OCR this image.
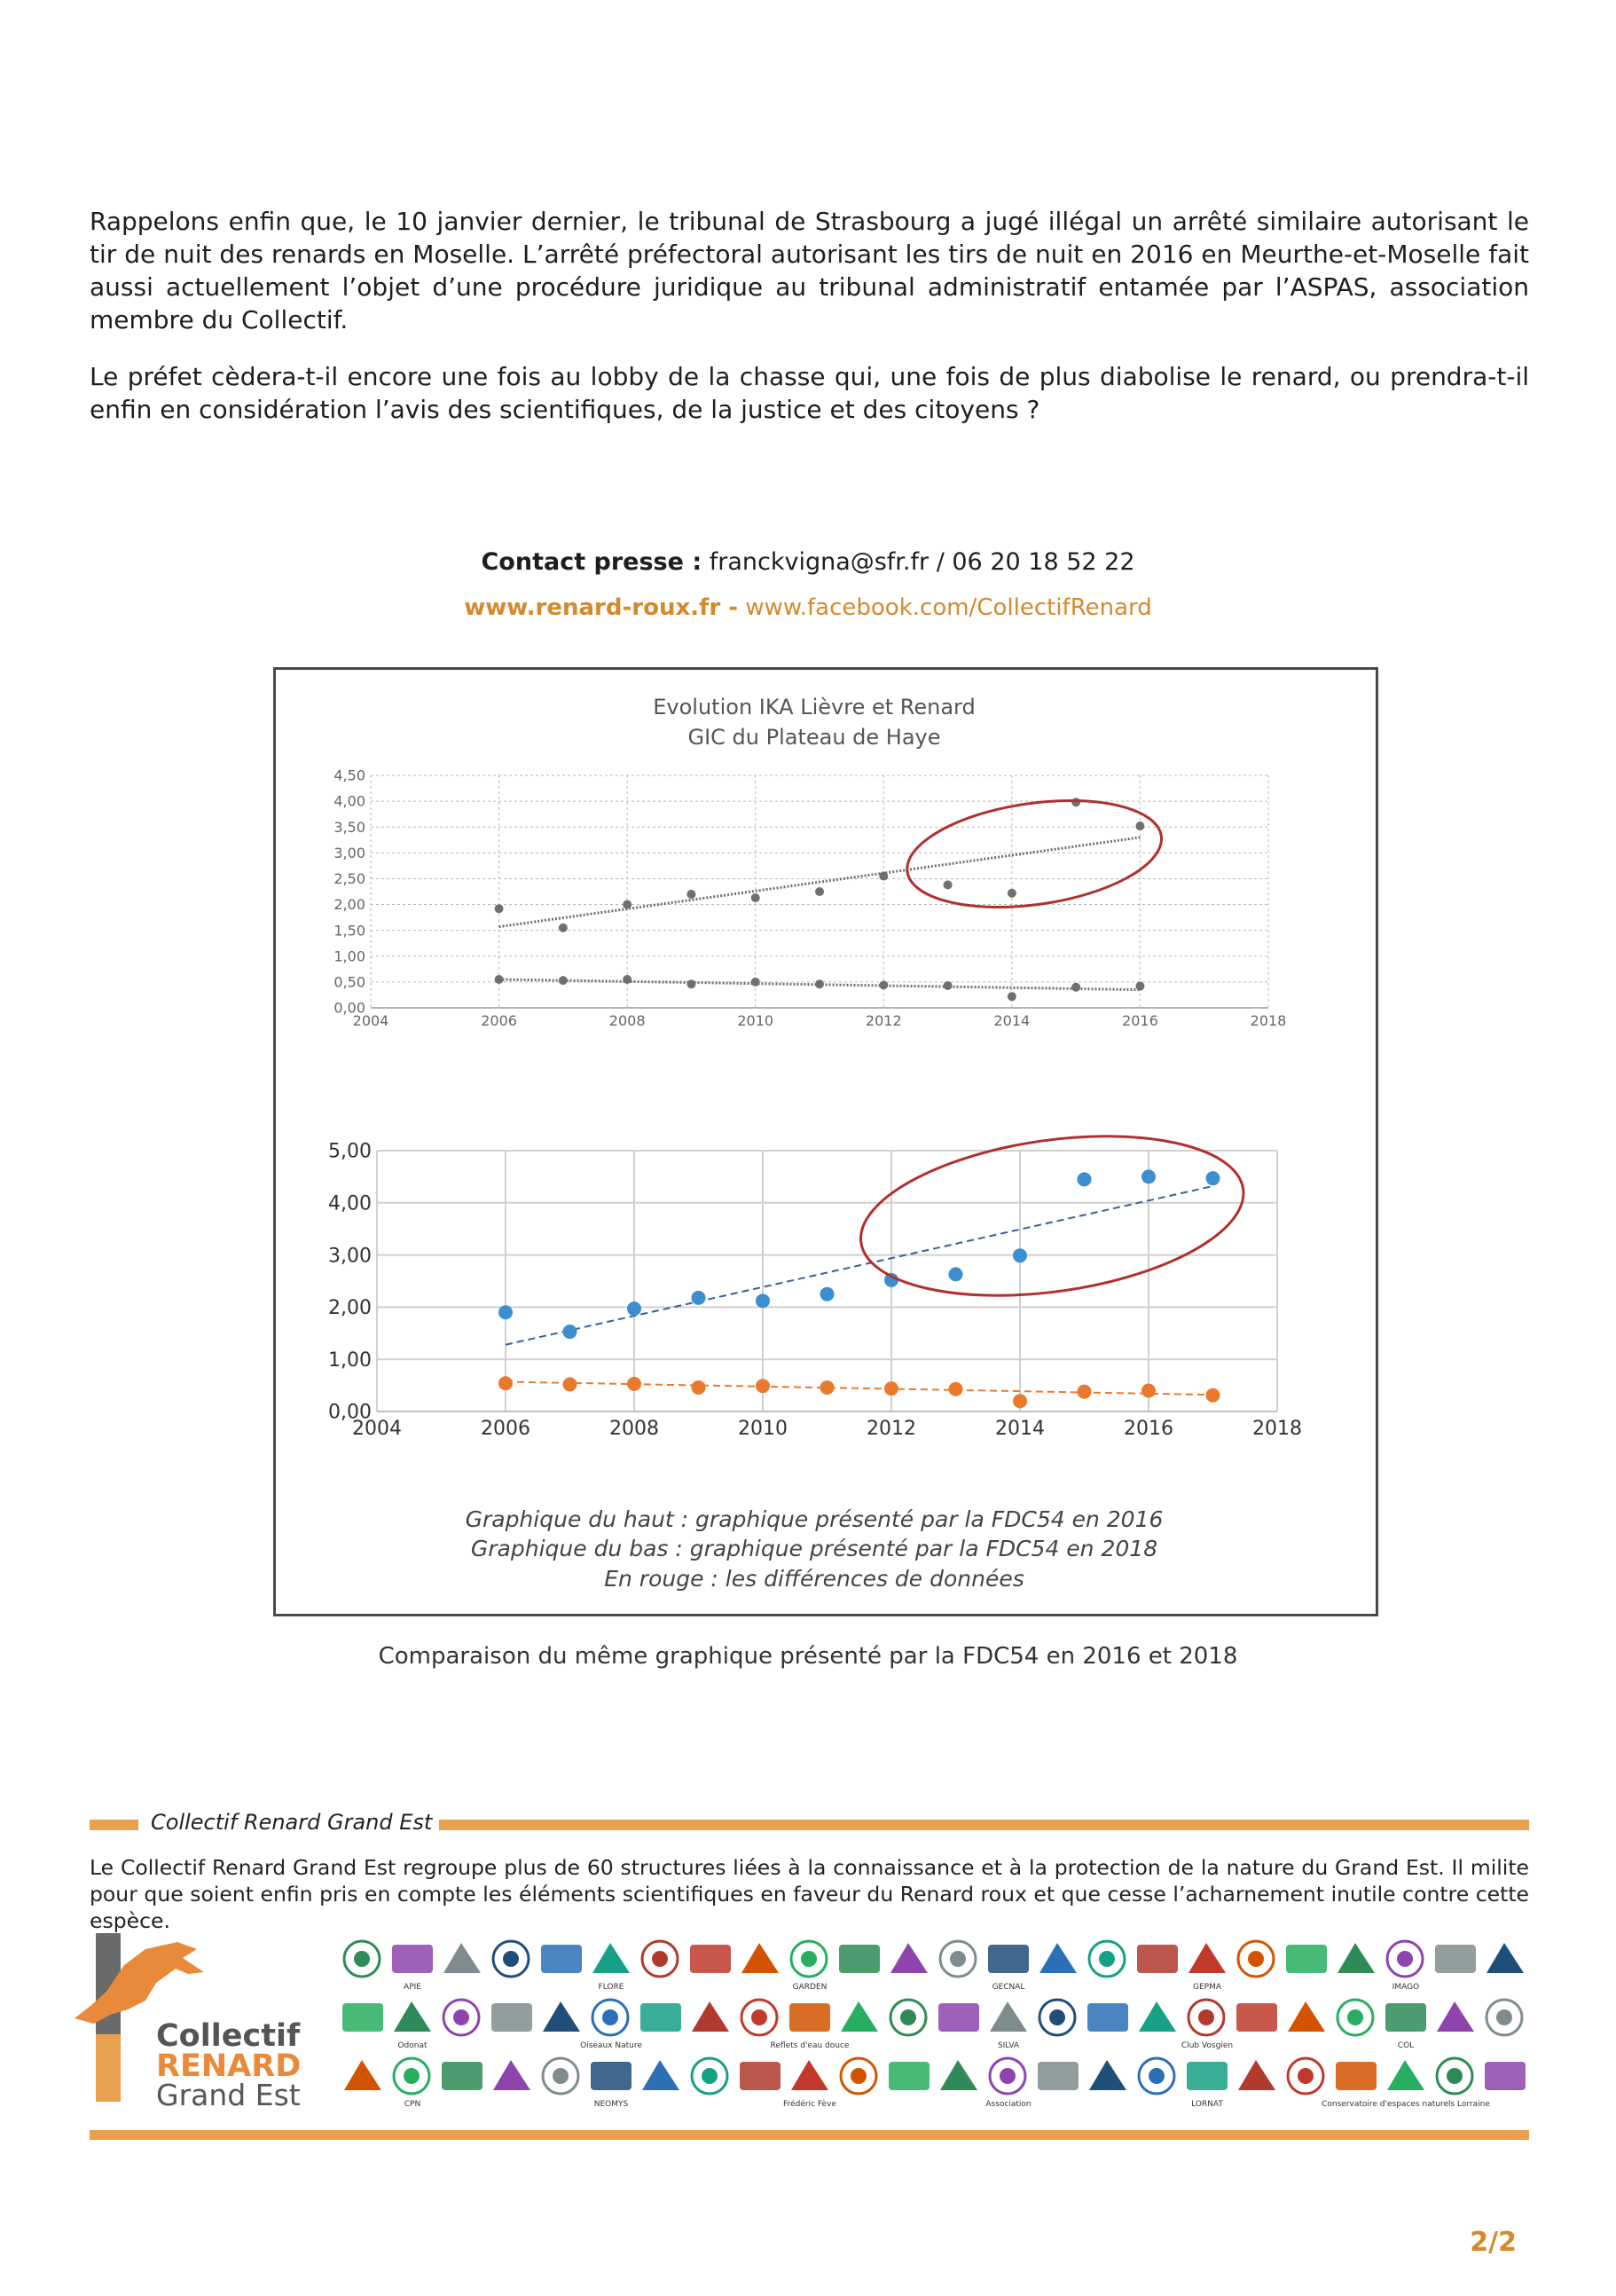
Rappelons enfin que, le 10 janvier dernier, le tribunal de Strasbourg a jugé illégal un arrêté similaire autorisant le tir de nuit des renards en Moselle. L’arrêté préfectoral autorisant les tirs de nuit en 2016 en Meurthe-et-Moselle fait aussi actuellement l’objet d’une procédure juridique au tribunal administratif entamée par l’ASPAS, association membre du Collectif.

Le préfet cèdera-t-il encore une fois au lobby de la chasse qui, une fois de plus diabolise le renard, ou prendra-t-il enfin en considération l’avis des scientifiques, de la justice et des citoyens ?

Contact presse : franckvigna@sfr.fr / 06 20 18 52 22
www.renard-roux.fr - www.facebook.com/CollectifRenard
Evolution IKA Lièvre et Renard
GIC du Plateau de Haye
0,00
0,50
1,00
1,50
2,00
2,50
3,00
3,50
4,00
4,50
2004	2006	2008	2010	2012	2014	2016	2018
0,00
1,00
2,00
3,00
4,00
5,00
2004	2006	2008	2010	2012	2014	2016	2018
Graphique du haut : graphique présenté par la FDC54 en 2016
Graphique du bas : graphique présenté par la FDC54 en 2018
En rouge : les différences de données
Comparaison du même graphique présenté par la FDC54 en 2016 et 2018
Collectif Renard Grand Est

Le Collectif Renard Grand Est regroupe plus de 60 structures liées à la connaissance et à la protection de la nature du Grand Est. Il milite pour que soient enfin pris en compte les éléments scientifiques en faveur du Renard roux et que cesse l’acharnement inutile contre cette espèce.

Collectif
RENARD
Grand Est
APIE	FLORE	GARDEN	GECNAL	GEPMA	IMAGO
Odonat	Oiseaux Nature	Reflets d'eau douce	SILVA	Club Vosgien	COL
CPN	NEOMYS	Frédéric Fève	Association	LORNAT	Conservatoire d'espaces naturels Lorraine
2/2
